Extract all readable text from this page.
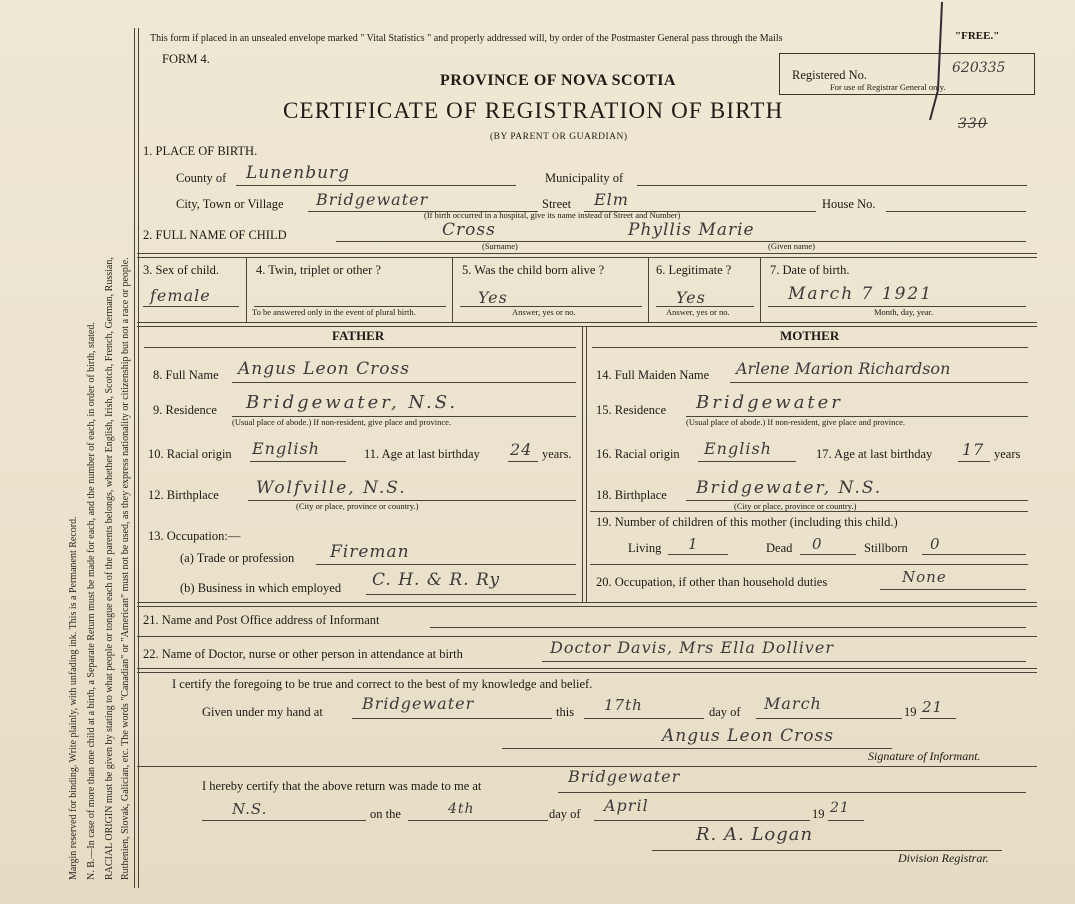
Margin reserved for binding. Write plainly, with unfading ink. This is a Permanent Record. N. B.—In case of more than one child at a birth, a Separate Return must be made for each, and the number of each, in order of birth, stated. RACIAL ORIGIN must be given by stating to what people or tongue each of the parents belongs, whether English, Irish, Scotch, French, German, Russian, Ruthenien, Slovak, Galician, etc. The words "Canadian" or "American" must not be used, as they express nationality or citizenship but not a race or people.
This form if placed in an unsealed envelope marked " Vital Statistics " and properly addressed will, by order of the Postmaster General pass through the Mails	"FREE."
FORM 4.
PROVINCE OF NOVA SCOTIA
CERTIFICATE OF REGISTRATION OF BIRTH
(BY PARENT OR GUARDIAN)
Registered No.
For use of Registrar General only.
620335
330
1. PLACE OF BIRTH.
County of Lunenburg	Municipality of
City, Town or Village Bridgewater	Street Elm	House No.
(If birth occurred in a hospital, give its name instead of Street and Number)
2. FULL NAME OF CHILD	Cross
(Surname)
Phyllis Marie
(Given name)
3. Sex of child.
female
4. Twin, triplet or other ?
To be answered only in the event of plural birth.
5. Was the child born alive ?
Yes
Answer, yes or no.
6. Legitimate ?
Yes
Answer, yes or no.
7. Date of birth.
March 7 1921
Month, day, year.
FATHER	MOTHER
8. Full Name Angus Leon Cross
9. Residence Bridgewater, N.S.
(Usual place of abode.) If non-resident, give place and province.
10. Racial origin English	11. Age at last birthday 24 years.
12. Birthplace Wolfville, N.S.
(City or place, province or country.)
13. Occupation:—
(a) Trade or profession Fireman
(b) Business in which employed C. H. & R. Ry
14. Full Maiden Name Arlene Marion Richardson
15. Residence Bridgewater
(Usual place of abode.) If non-resident, give place and province.
16. Racial origin English	17. Age at last birthday 17 years
18. Birthplace Bridgewater, N.S.
(City or place, province or country.)
19. Number of children of this mother (including this child.)
Living 1	Dead 0	Stillborn 0
20. Occupation, if other than household duties	None
21. Name and Post Office address of Informant
22. Name of Doctor, nurse or other person in attendance at birth	Doctor Davis, Mrs Ella Dolliver
I certify the foregoing to be true and correct to the best of my knowledge and belief.
Given under my hand at Bridgewater	this 17th	day of March	19 21
Angus Leon Cross
Signature of Informant.
I hereby certify that the above return was made to me at	Bridgewater
N.S.	on the	4th	day of April	19 21
R. A. Logan
Division Registrar.
